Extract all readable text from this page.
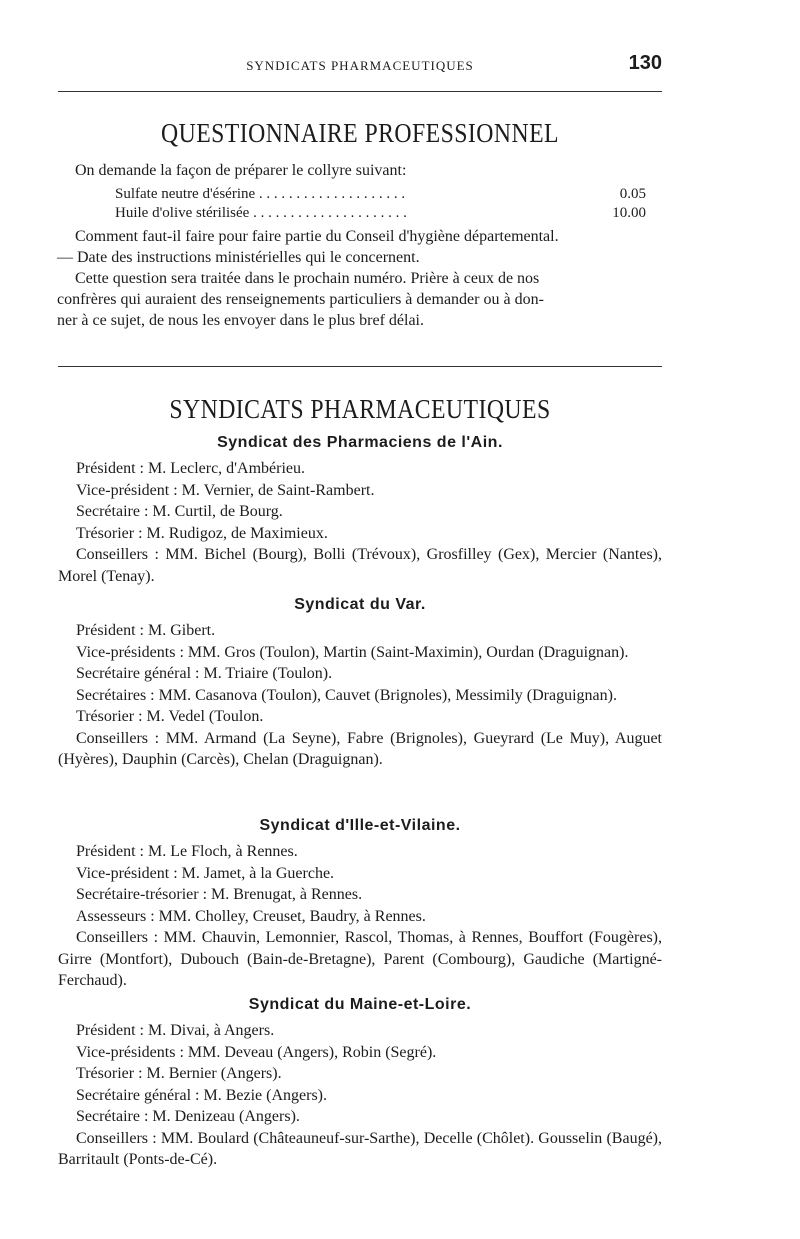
SYNDICATS PHARMACEUTIQUES	130
QUESTIONNAIRE PROFESSIONNEL
On demande la façon de préparer le collyre suivant:
Sulfate neutre d'ésérine . . . . . . . . . . . . . . . . . . . .	0.05
Huile d'olive stérilisée . . . . . . . . . . . . . . . . . . . . .	10.00
Comment faut-il faire pour faire partie du Conseil d'hygiène départemental.
— Date des instructions ministérielles qui le concernent.
Cette question sera traitée dans le prochain numéro. Prière à ceux de nos
confrères qui auraient des renseignements particuliers à demander ou à don-
ner à ce sujet, de nous les envoyer dans le plus bref délai.
SYNDICATS PHARMACEUTIQUES
Syndicat des Pharmaciens de l'Ain.

Président : M. Leclerc, d'Ambérieu.

Vice-président : M. Vernier, de Saint-Rambert.

Secrétaire : M. Curtil, de Bourg.

Trésorier : M. Rudigoz, de Maximieux.

Conseillers : MM. Bichel (Bourg), Bolli (Trévoux), Grosfilley (Gex), Mercier (Nantes), Morel (Tenay).

Syndicat du Var.

Président : M. Gibert.

Vice-présidents : MM. Gros (Toulon), Martin (Saint-Maximin), Ourdan (Draguignan).

Secrétaire général : M. Triaire (Toulon).

Secrétaires : MM. Casanova (Toulon), Cauvet (Brignoles), Messimily (Draguignan).

Trésorier : M. Vedel (Toulon.

Conseillers : MM. Armand (La Seyne), Fabre (Brignoles), Gueyrard (Le Muy), Auguet (Hyères), Dauphin (Carcès), Chelan (Draguignan).

Syndicat d'Ille-et-Vilaine.

Président : M. Le Floch, à Rennes.

Vice-président : M. Jamet, à la Guerche.

Secrétaire-trésorier : M. Brenugat, à Rennes.

Assesseurs : MM. Cholley, Creuset, Baudry, à Rennes.

Conseillers : MM. Chauvin, Lemonnier, Rascol, Thomas, à Rennes, Bouffort (Fougères), Girre (Montfort), Dubouch (Bain-de-Bretagne), Parent (Combourg), Gaudiche (Martigné-Ferchaud).

Syndicat du Maine-et-Loire.

Président : M. Divai, à Angers.

Vice-présidents : MM. Deveau (Angers), Robin (Segré).

Trésorier : M. Bernier (Angers).

Secrétaire général : M. Bezie (Angers).

Secrétaire : M. Denizeau (Angers).

Conseillers : MM. Boulard (Châteauneuf-sur-Sarthe), Decelle (Chôlet). Gousselin (Baugé), Barritault (Ponts-de-Cé).
